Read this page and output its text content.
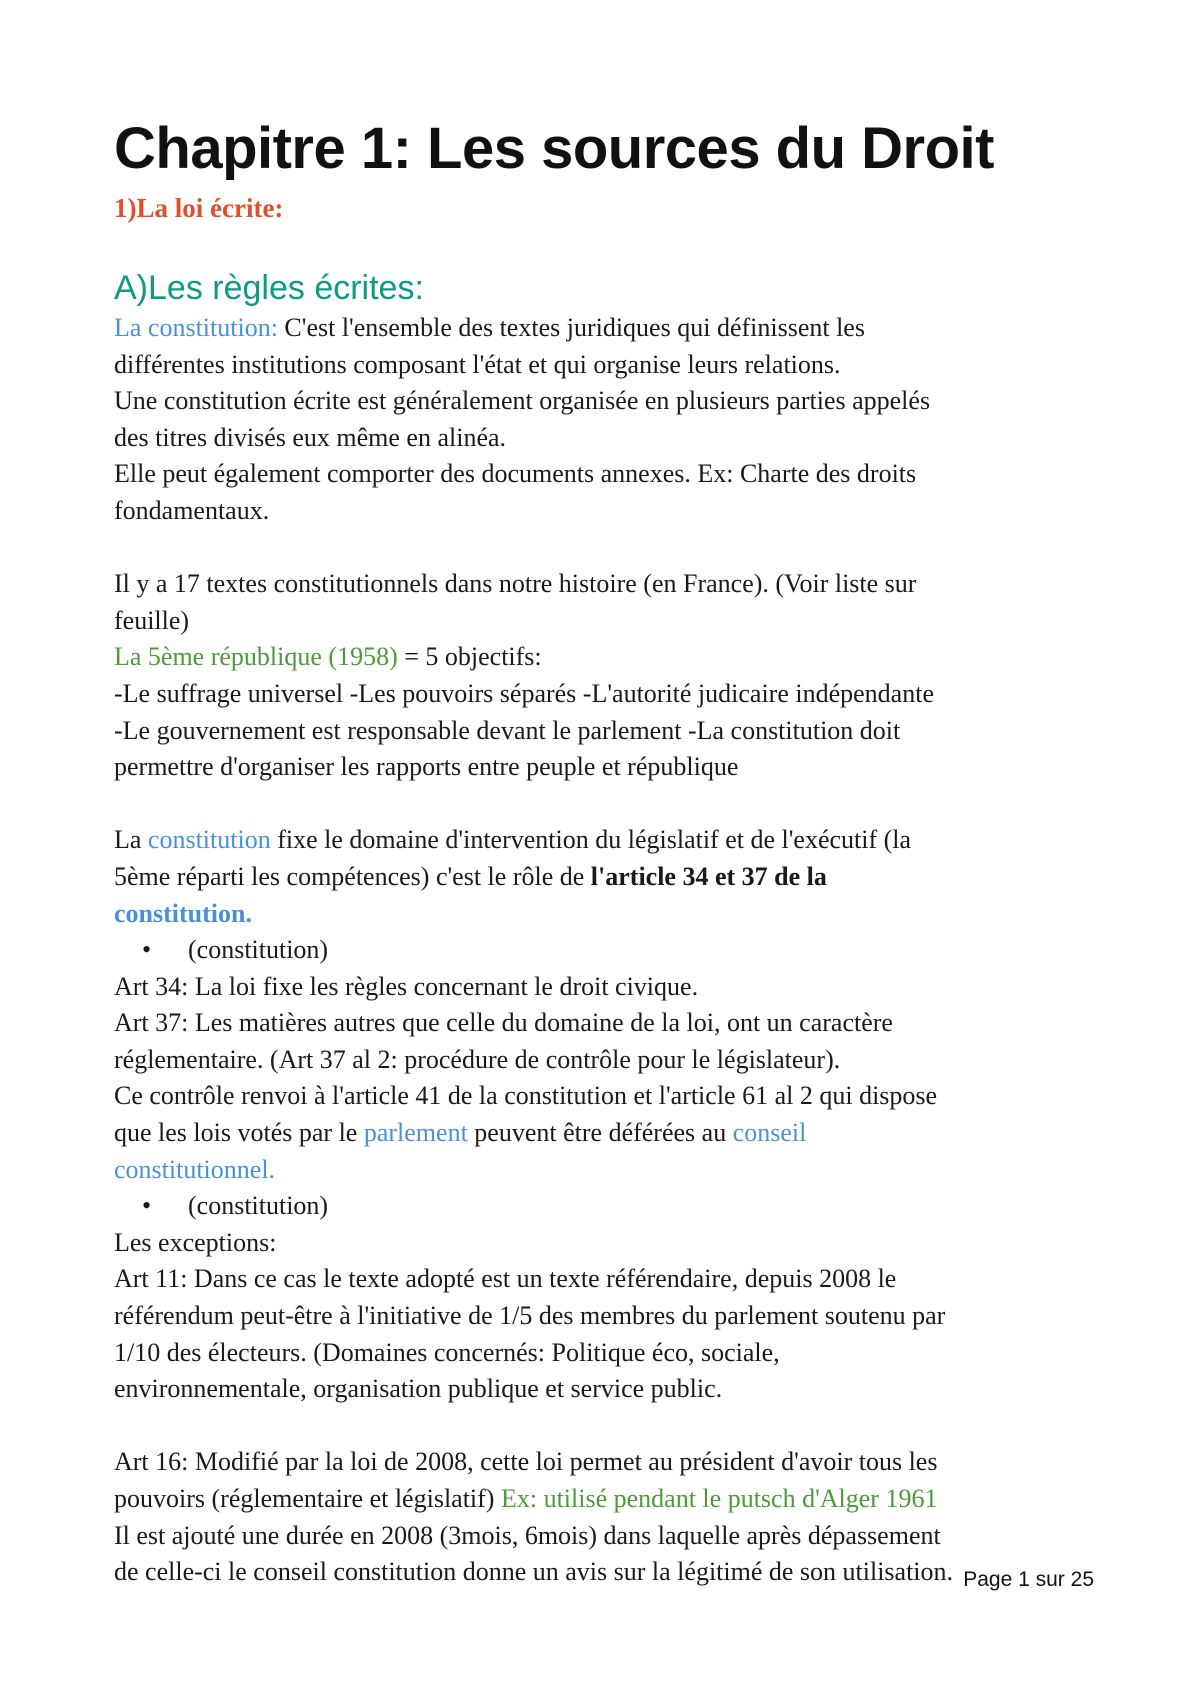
Chapitre 1: Les sources du Droit
1)La loi écrite:
A)Les règles écrites:
La constitution: C'est l'ensemble des textes juridiques qui définissent les
différentes institutions composant l'état et qui organise leurs relations.
Une constitution écrite est généralement organisée en plusieurs parties appelés
des titres divisés eux même en alinéa.
Elle peut également comporter des documents annexes. Ex: Charte des droits
fondamentaux.
Il y a 17 textes constitutionnels dans notre histoire (en France). (Voir liste sur
feuille)
La 5ème république (1958) = 5 objectifs:
-Le suffrage universel -Les pouvoirs séparés -L'autorité judicaire indépendante
-Le gouvernement est responsable devant le parlement -La constitution doit
permettre d'organiser les rapports entre peuple et république
La constitution fixe le domaine d'intervention du législatif et de l'exécutif (la
5ème réparti les compétences) c'est le rôle de l'article 34 et 37 de la
constitution.
• (constitution)
Art 34: La loi fixe les règles concernant le droit civique.
Art 37: Les matières autres que celle du domaine de la loi, ont un caractère
réglementaire. (Art 37 al 2: procédure de contrôle pour le législateur).
Ce contrôle renvoi à l'article 41 de la constitution et l'article 61 al 2 qui dispose
que les lois votés par le parlement peuvent être déférées au conseil
constitutionnel.
• (constitution)
Les exceptions:
Art 11: Dans ce cas le texte adopté est un texte référendaire, depuis 2008 le
référendum peut-être à l'initiative de 1/5 des membres du parlement soutenu par
1/10 des électeurs. (Domaines concernés: Politique éco, sociale,
environnementale, organisation publique et service public.
Art 16: Modifié par la loi de 2008, cette loi permet au président d'avoir tous les
pouvoirs (réglementaire et législatif) Ex: utilisé pendant le putsch d'Alger 1961
Il est ajouté une durée en 2008 (3mois, 6mois) dans laquelle après dépassement
de celle-ci le conseil constitution donne un avis sur la légitimé de son utilisation. Page 1 sur 25
